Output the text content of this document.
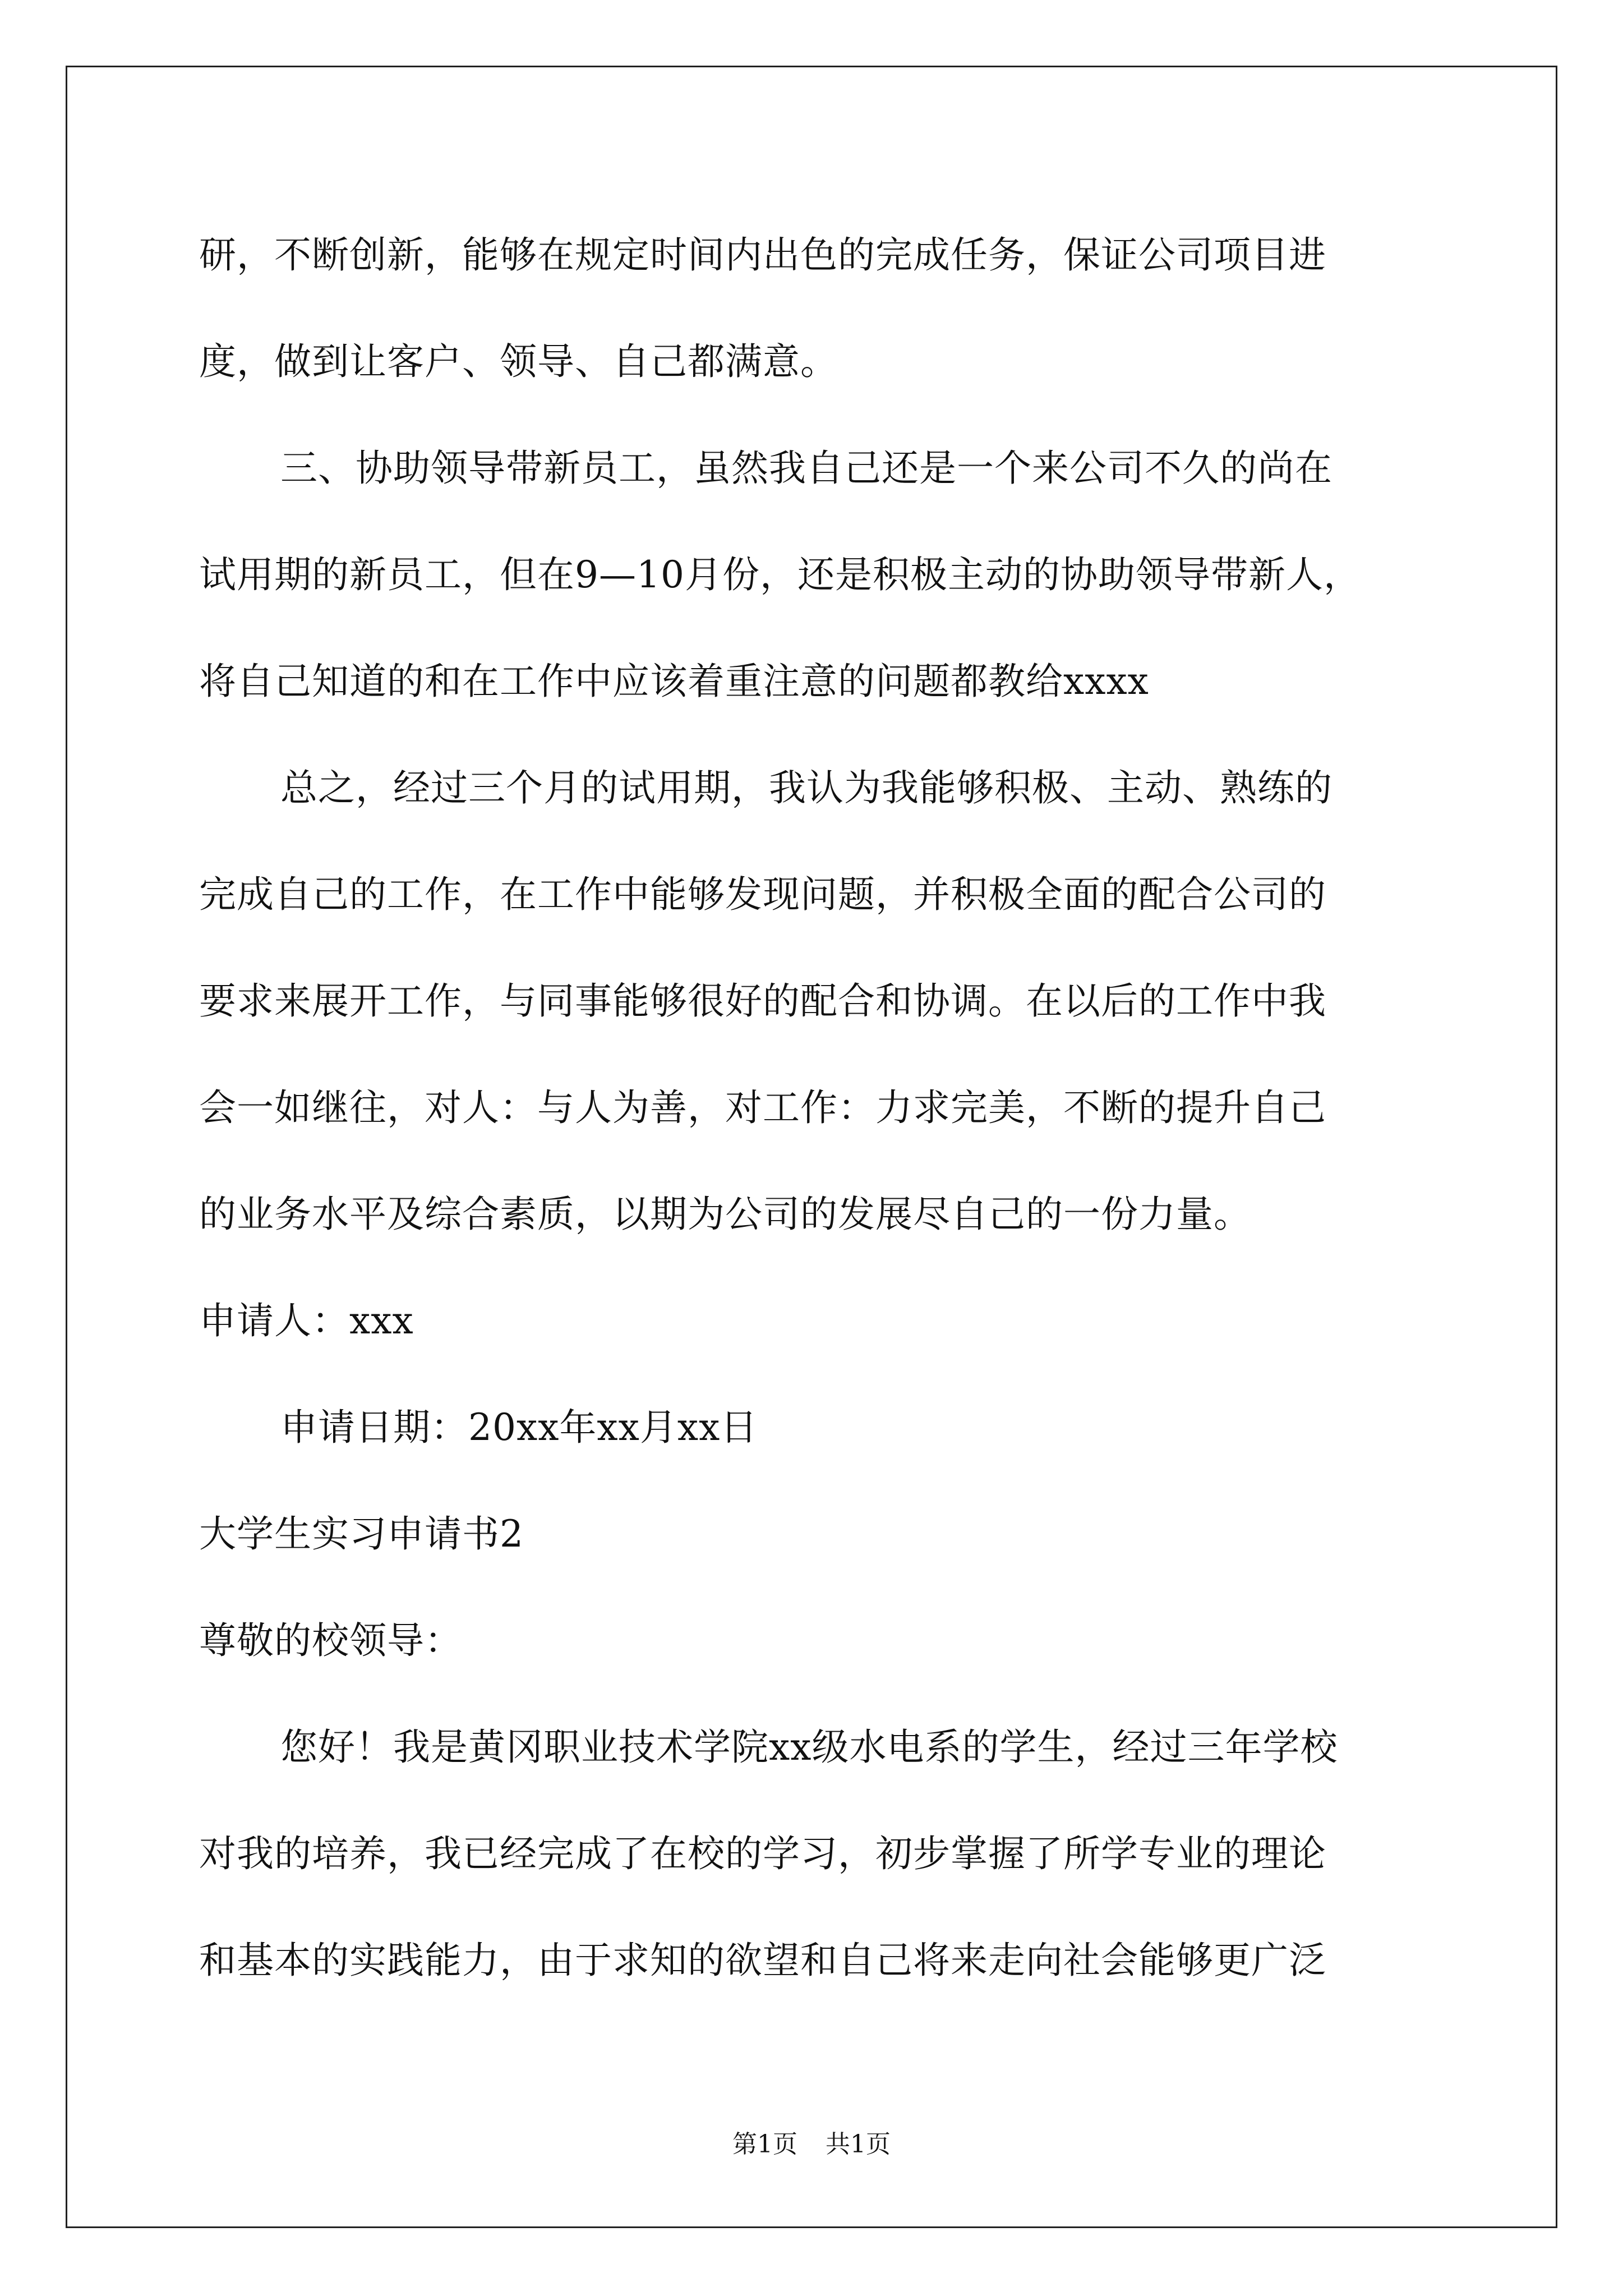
研，不断创新，能够在规定时间内出色的完成任务，保证公司项目进
度，做到让客户、领导、自己都满意。
三、协助领导带新员工，虽然我自己还是一个来公司不久的尚在
试用期的新员工，但在9—10月份，还是积极主动的协助领导带新人，
将自己知道的和在工作中应该着重注意的问题都教给xxxx
总之，经过三个月的试用期，我认为我能够积极、主动、熟练的
完成自己的工作，在工作中能够发现问题，并积极全面的配合公司的
要求来展开工作，与同事能够很好的配合和协调。在以后的工作中我
会一如继往，对人：与人为善，对工作：力求完美，不断的提升自己
的业务水平及综合素质，以期为公司的发展尽自己的一份力量。
申请人：xxx
申请日期：20xx年xx月xx日
大学生实习申请书2
尊敬的校领导：
您好！我是黄冈职业技术学院xx级水电系的学生，经过三年学校
对我的培养，我已经完成了在校的学习，初步掌握了所学专业的理论
和基本的实践能力，由于求知的欲望和自己将来走向社会能够更广泛
第1页 共1页
